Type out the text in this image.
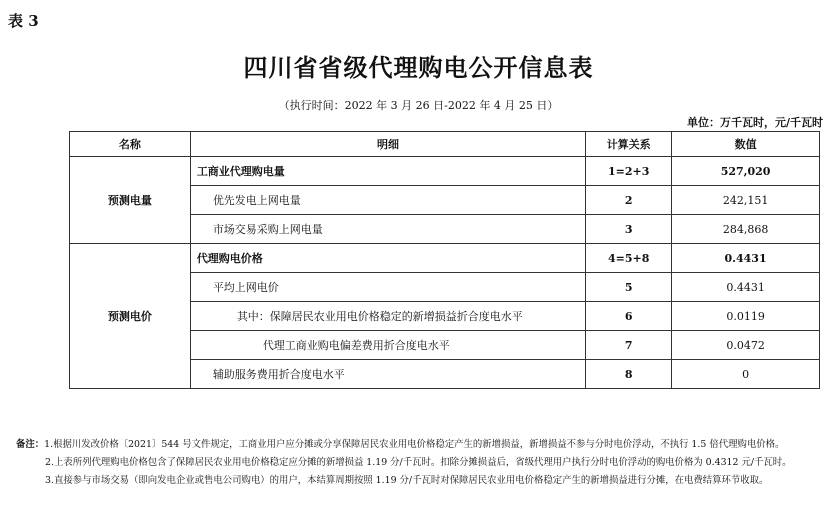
表 3
四川省省级代理购电公开信息表
（执行时间：2022 年 3 月 26 日-2022 年 4 月 25 日）
单位：万千瓦时，元/千瓦时
名称	明细	计算关系	数值
预测电量	工商业代理购电量	1=2+3	527,020
	优先发电上网电量	2	242,151
	市场交易采购上网电量	3	284,868
预测电价	代理购电价格	4=5+8	0.4431
	平均上网电价	5	0.4431
	其中：保障居民农业用电价格稳定的新增损益折合度电水平	6	0.0119
	代理工商业购电偏差费用折合度电水平	7	0.0472
	辅助服务费用折合度电水平	8	0
备注：1.根据川发改价格〔2021〕544 号文件规定，工商业用户应分摊或分享保障居民农业用电价格稳定产生的新增损益，新增损益不参与分时电价浮动，不执行 1.5 倍代理购电价格。
2.上表所列代理购电价格包含了保障居民农业用电价格稳定应分摊的新增损益 1.19 分/千瓦时。扣除分摊损益后，省级代理用户执行分时电价浮动的购电价格为 0.4312 元/千瓦时。
3.直接参与市场交易（即向发电企业或售电公司购电）的用户，本结算周期按照 1.19 分/千瓦时对保障居民农业用电价格稳定产生的新增损益进行分摊，在电费结算环节收取。
